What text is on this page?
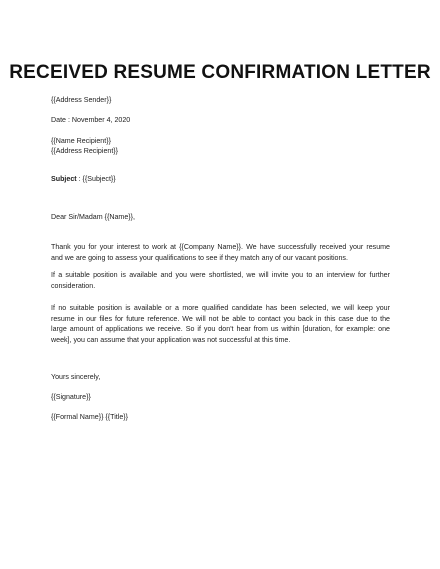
RECEIVED RESUME CONFIRMATION LETTER
{{Address Sender}}
Date : November 4, 2020
{{Name Recipient}}
{{Address Recipient}}
Subject : {{Subject}}
Dear Sir/Madam {{Name}},
Thank you for your interest to work at {{Company Name}}. We have successfully received your resume
and we are going to assess your qualifications to see if they match any of our vacant positions.
If a suitable position is available and you were shortlisted, we will invite you to an interview for further
consideration.
If no suitable position is available or a more qualified candidate has been selected, we will keep your
resume in our files for future reference. We will not be able to contact you back in this case due to the
large amount of applications we receive. So if you don't hear from us within [duration, for example: one
week], you can assume that your application was not successful at this time.
Yours sincerely,
{{Signature}}
{{Formal Name}} {{Title}}
